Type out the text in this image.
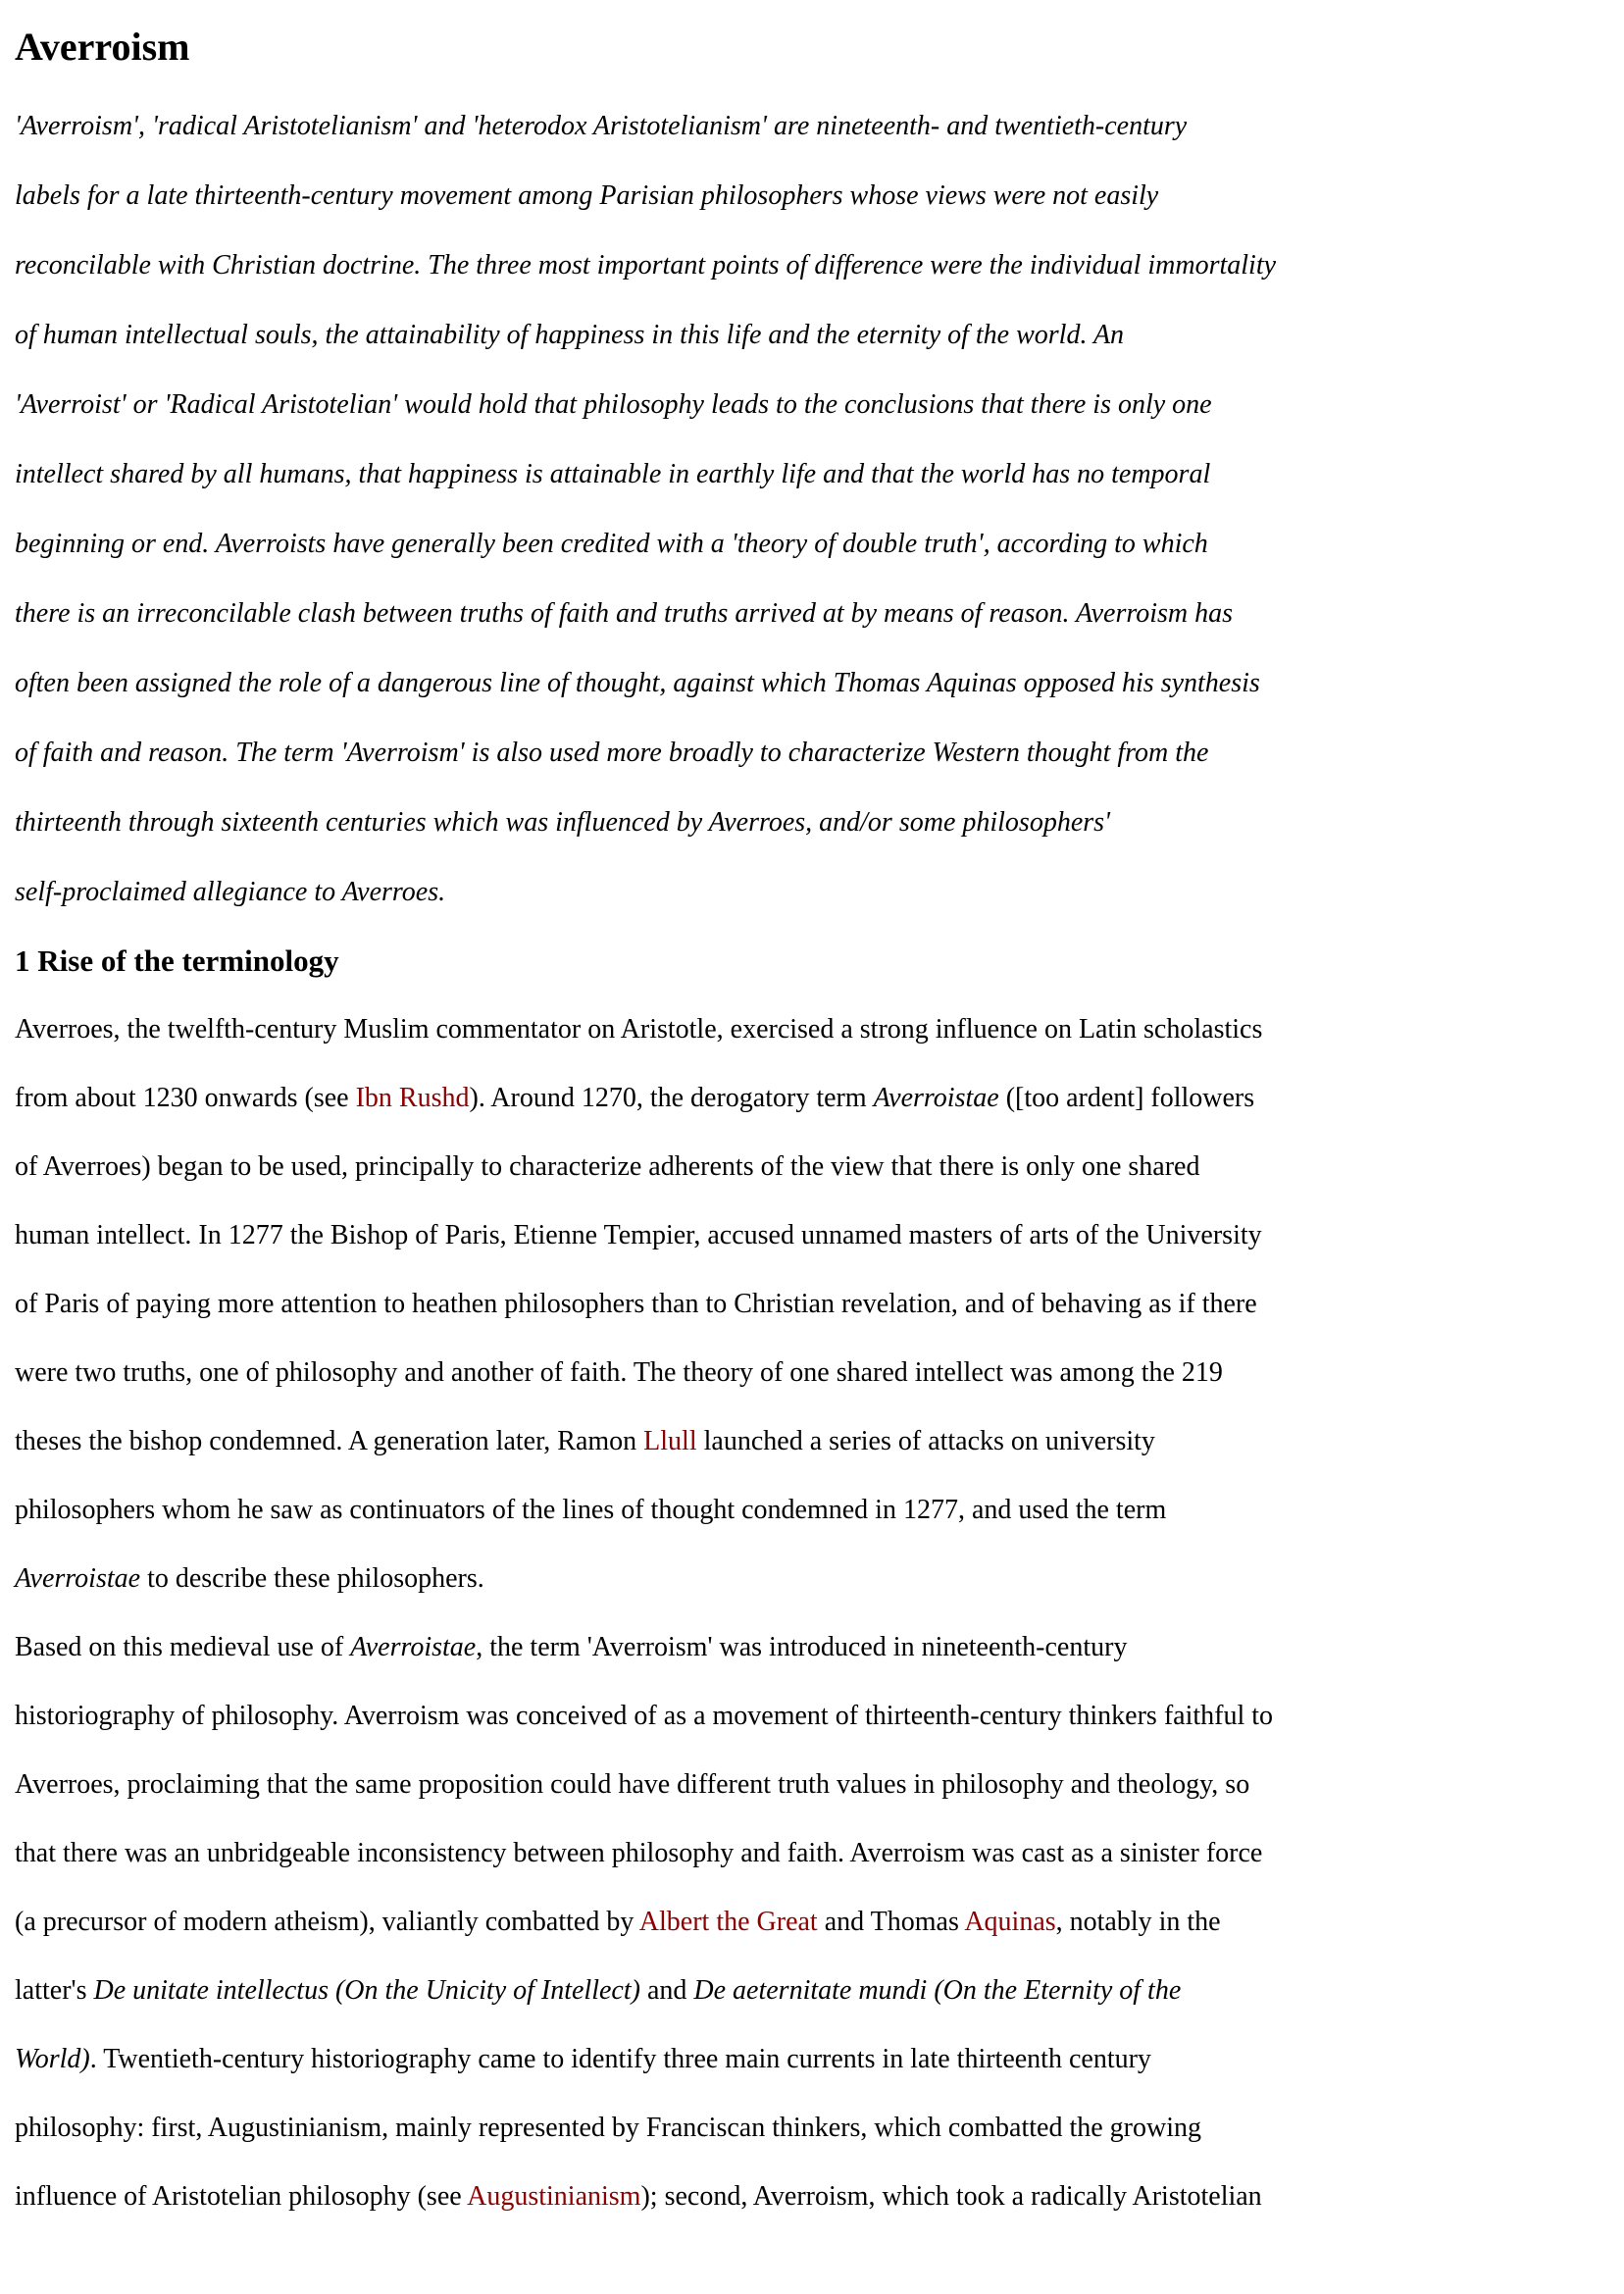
Averroism
'Averroism', 'radical Aristotelianism' and 'heterodox Aristotelianism' are nineteenth- and twentieth-century
labels for a late thirteenth-century movement among Parisian philosophers whose views were not easily
reconcilable with Christian doctrine. The three most important points of difference were the individual immortality
of human intellectual souls, the attainability of happiness in this life and the eternity of the world. An
'Averroist' or 'Radical Aristotelian' would hold that philosophy leads to the conclusions that there is only one
intellect shared by all humans, that happiness is attainable in earthly life and that the world has no temporal
beginning or end. Averroists have generally been credited with a 'theory of double truth', according to which
there is an irreconcilable clash between truths of faith and truths arrived at by means of reason. Averroism has
often been assigned the role of a dangerous line of thought, against which Thomas Aquinas opposed his synthesis
of faith and reason. The term 'Averroism' is also used more broadly to characterize Western thought from the
thirteenth through sixteenth centuries which was influenced by Averroes, and/or some philosophers'
self-proclaimed allegiance to Averroes.
1 Rise of the terminology
Averroes, the twelfth-century Muslim commentator on Aristotle, exercised a strong influence on Latin scholastics
from about 1230 onwards (see Ibn Rushd). Around 1270, the derogatory term Averroistae ([too ardent] followers
of Averroes) began to be used, principally to characterize adherents of the view that there is only one shared
human intellect. In 1277 the Bishop of Paris, Etienne Tempier, accused unnamed masters of arts of the University
of Paris of paying more attention to heathen philosophers than to Christian revelation, and of behaving as if there
were two truths, one of philosophy and another of faith. The theory of one shared intellect was among the 219
theses the bishop condemned. A generation later, Ramon Llull launched a series of attacks on university
philosophers whom he saw as continuators of the lines of thought condemned in 1277, and used the term
Averroistae to describe these philosophers.
Based on this medieval use of Averroistae, the term 'Averroism' was introduced in nineteenth-century
historiography of philosophy. Averroism was conceived of as a movement of thirteenth-century thinkers faithful to
Averroes, proclaiming that the same proposition could have different truth values in philosophy and theology, so
that there was an unbridgeable inconsistency between philosophy and faith. Averroism was cast as a sinister force
(a precursor of modern atheism), valiantly combatted by Albert the Great and Thomas Aquinas, notably in the
latter's De unitate intellectus (On the Unicity of Intellect) and De aeternitate mundi (On the Eternity of the
World). Twentieth-century historiography came to identify three main currents in late thirteenth century
philosophy: first, Augustinianism, mainly represented by Franciscan thinkers, which combatted the growing
influence of Aristotelian philosophy (see Augustinianism); second, Averroism, which took a radically Aristotelian
